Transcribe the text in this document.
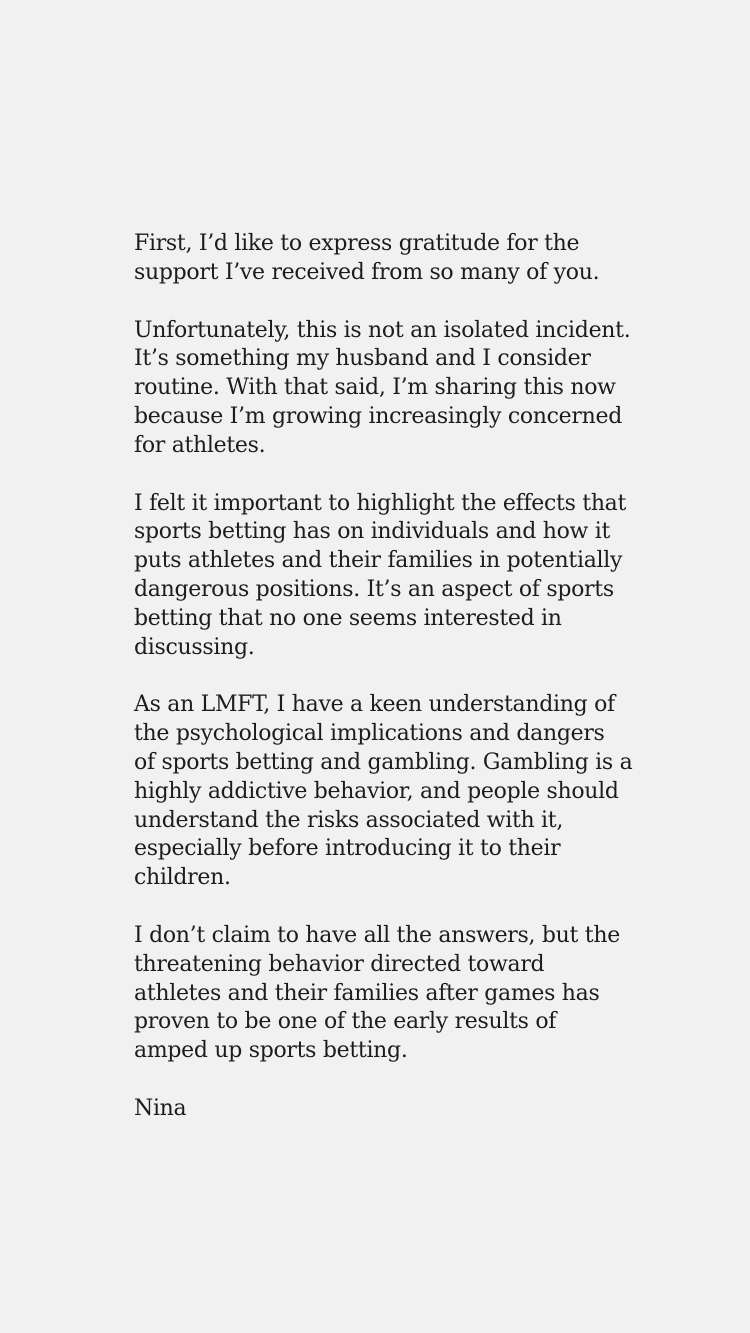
First, I’d like to express gratitude for the
support I’ve received from so many of you.

Unfortunately, this is not an isolated incident.
It’s something my husband and I consider
routine. With that said, I’m sharing this now
because I’m growing increasingly concerned
for athletes.

I felt it important to highlight the effects that
sports betting has on individuals and how it
puts athletes and their families in potentially
dangerous positions. It’s an aspect of sports
betting that no one seems interested in
discussing.

As an LMFT, I have a keen understanding of
the psychological implications and dangers
of sports betting and gambling. Gambling is a
highly addictive behavior, and people should
understand the risks associated with it,
especially before introducing it to their
children.

I don’t claim to have all the answers, but the
threatening behavior directed toward
athletes and their families after games has
proven to be one of the early results of
amped up sports betting.

Nina
